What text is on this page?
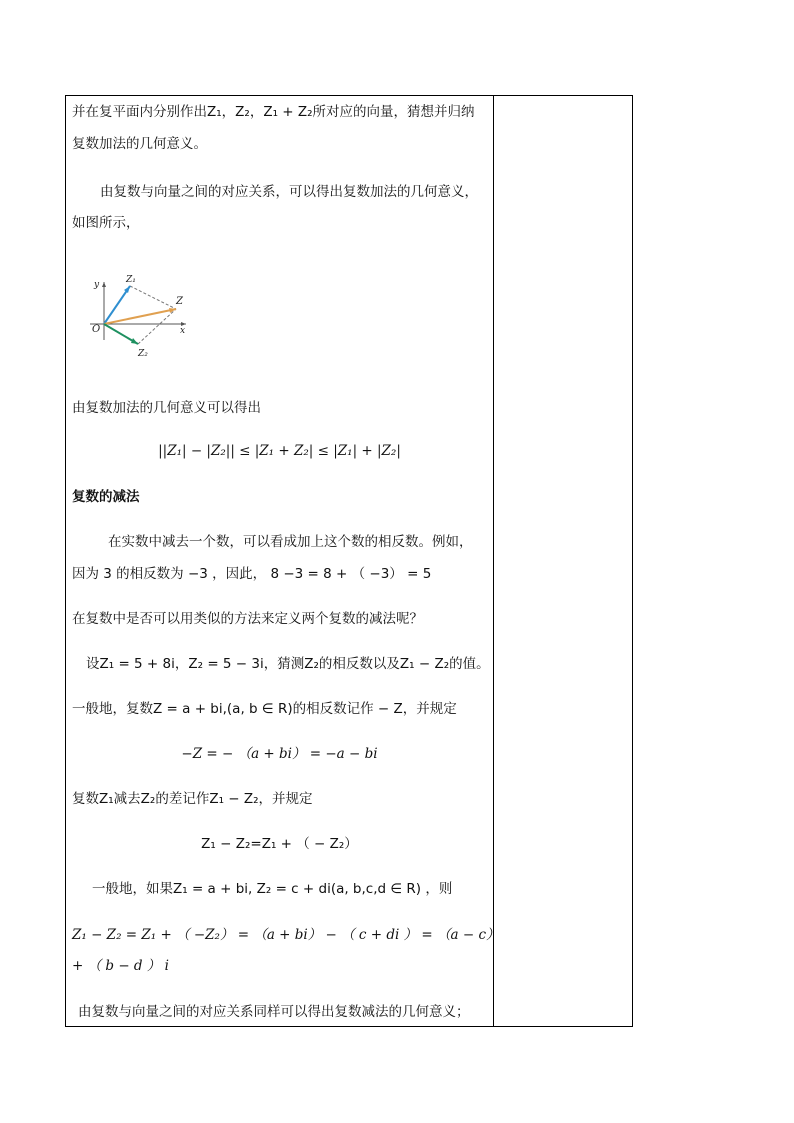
并在复平面内分别作出Z₁，Z₂，Z₁ + Z₂所对应的向量，猜想并归纳
复数加法的几何意义。
由复数与向量之间的对应关系，可以得出复数加法的几何意义，
如图所示，
y
x
O
Z
Z₁
Z₂
由复数加法的几何意义可以得出
||Z₁| − |Z₂|| ≤ |Z₁ + Z₂| ≤ |Z₁| + |Z₂|
复数的减法
在实数中减去一个数，可以看成加上这个数的相反数。例如，
因为 3 的相反数为 −3 ，因此， 8 −3 = 8 + （ −3） = 5
在复数中是否可以用类似的方法来定义两个复数的减法呢？
设Z₁ = 5 + 8i，Z₂ = 5 − 3i，猜测Z₂的相反数以及Z₁ − Z₂的值。
一般地，复数Z = a + bi,(a, b ∈ R)的相反数记作 − Z，并规定
−Z = − （a + bi） = −a − bi
复数Z₁减去Z₂的差记作Z₁ − Z₂，并规定
Z₁ − Z₂=Z₁ + （ − Z₂）
一般地，如果Z₁ = a + bi, Z₂ = c + di(a, b,c,d ∈ R) ，则
Z₁ − Z₂ = Z₁ + （ −Z₂） = （a + bi） − （ c + di ） = （a − c）
+ （ b − d ） i
由复数与向量之间的对应关系同样可以得出复数减法的几何意义；
